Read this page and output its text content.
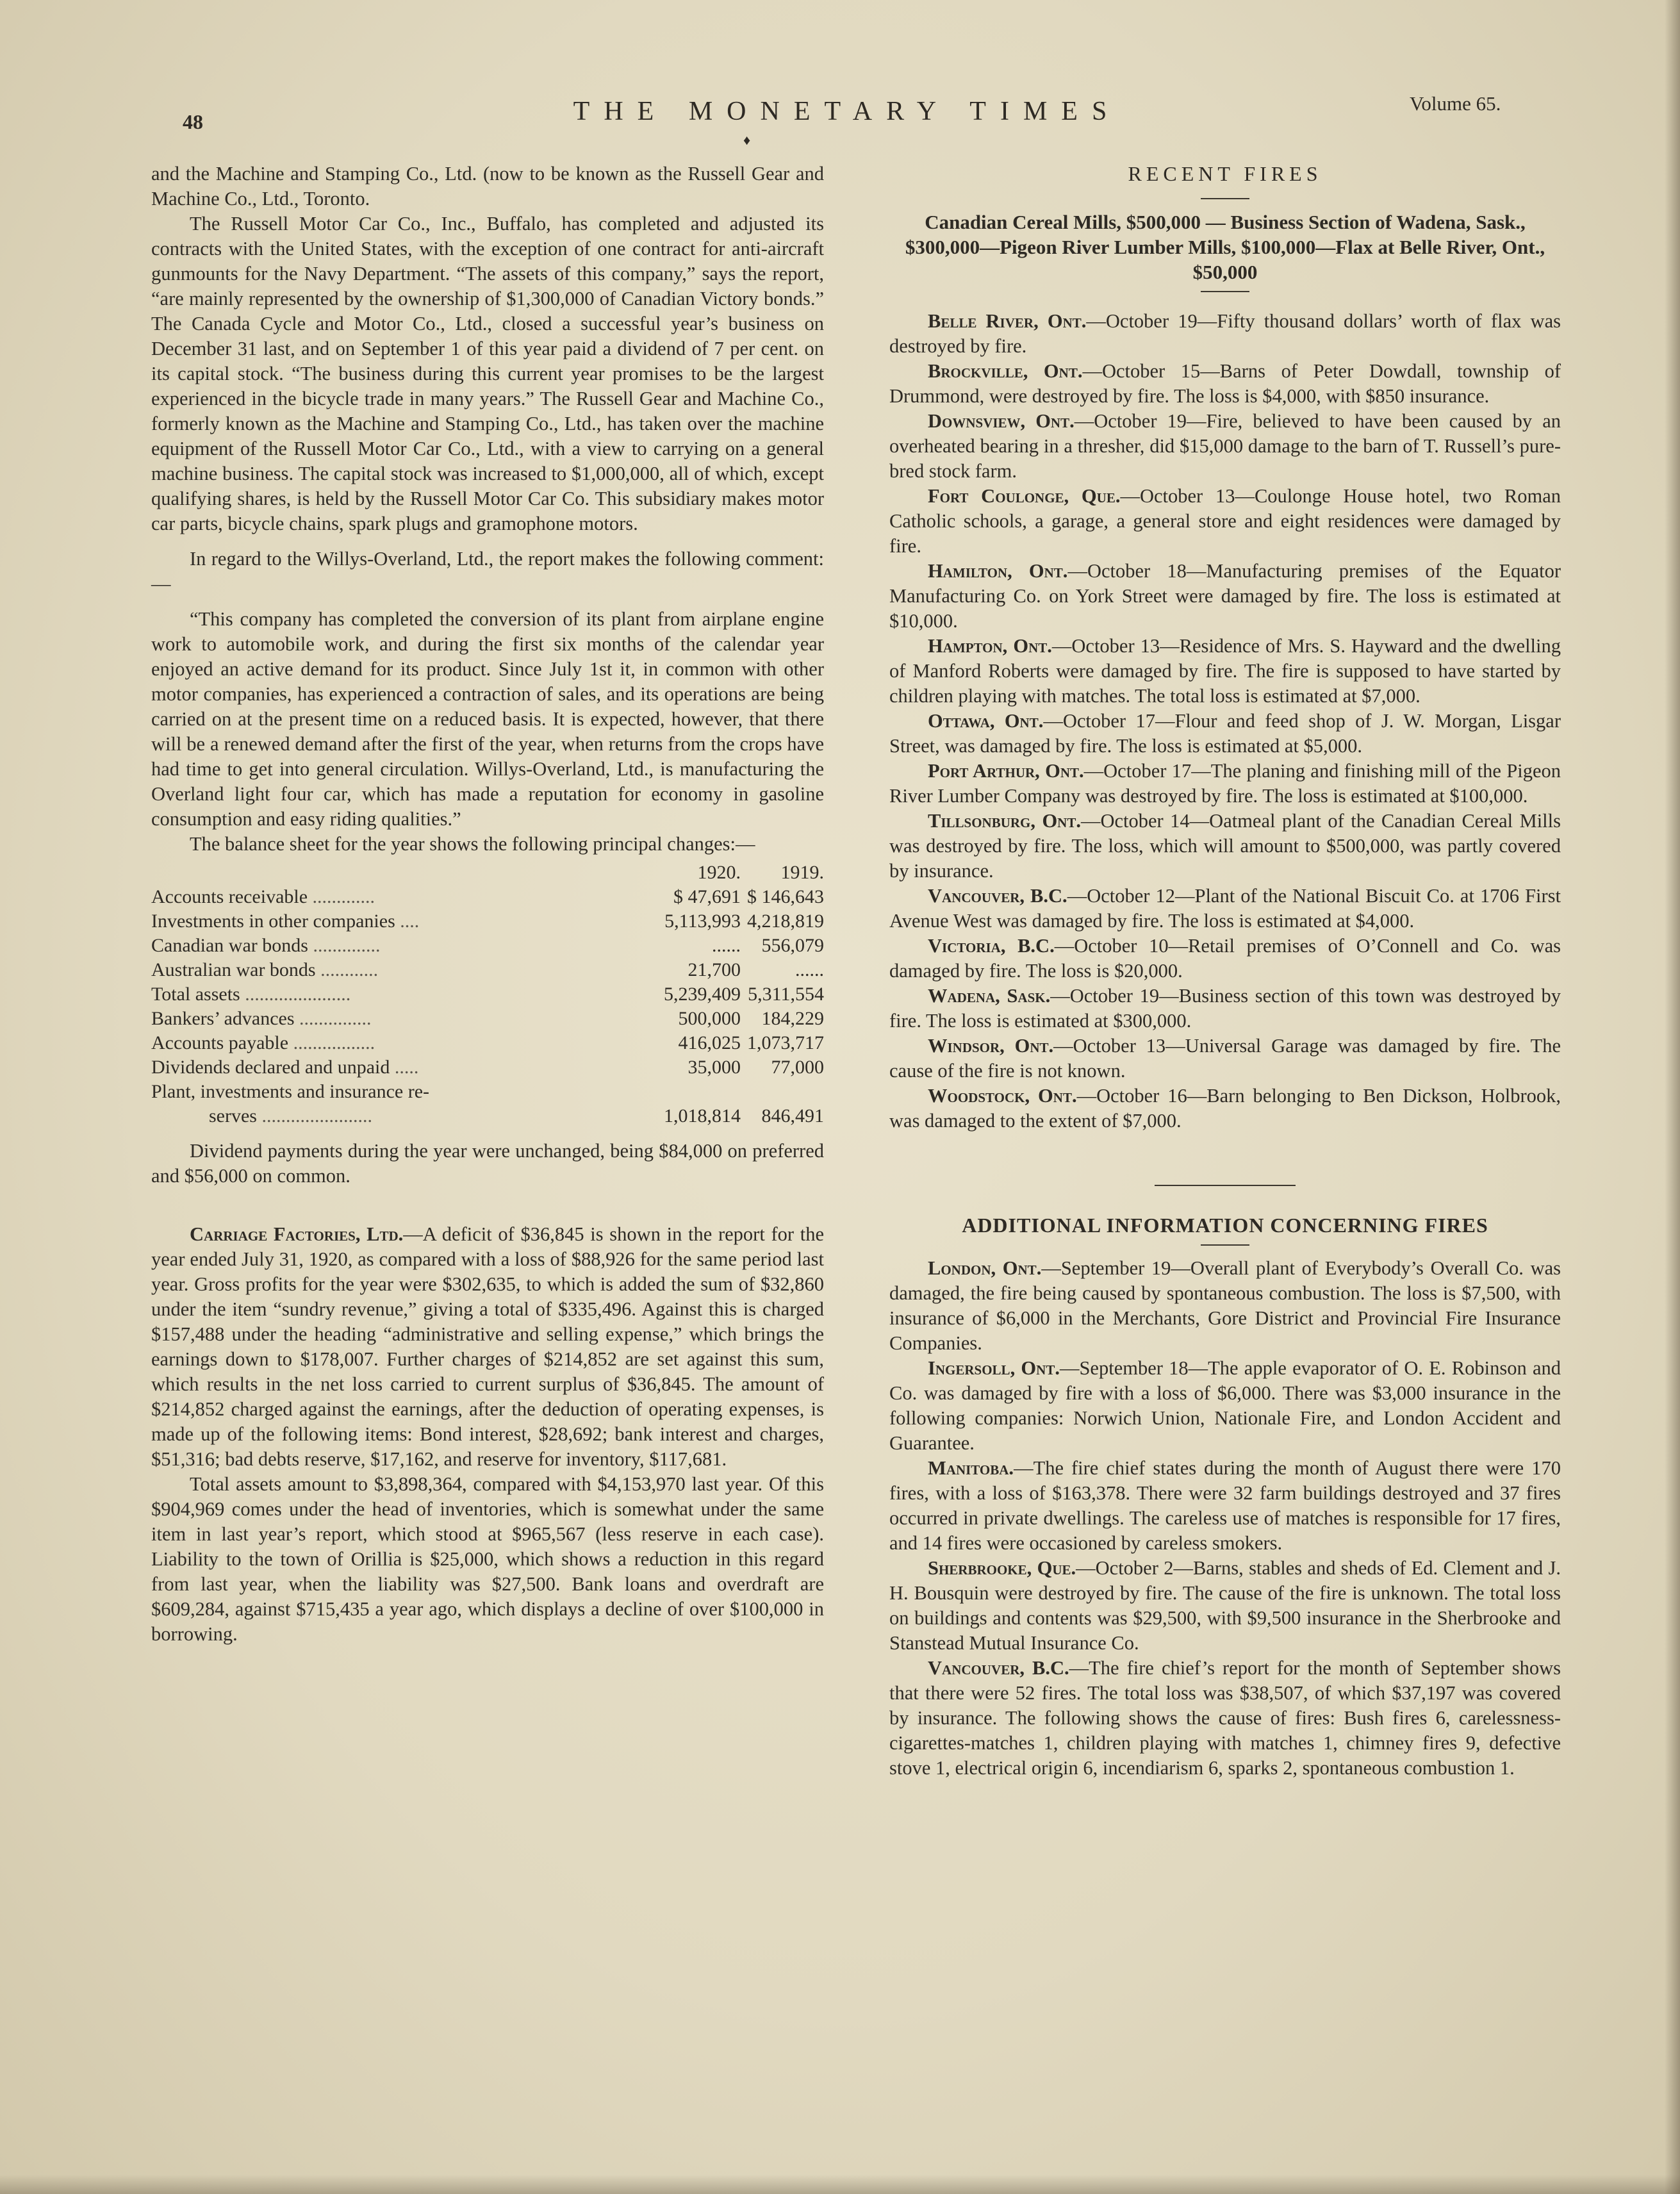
48	THE MONETARY TIMES	Volume 65.
♦

and the Machine and Stamping Co., Ltd. (now to be known as the Russell Gear and Machine Co., Ltd., Toronto.

The Russell Motor Car Co., Inc., Buffalo, has completed and adjusted its contracts with the United States, with the exception of one contract for anti-aircraft gunmounts for the Navy Department. “The assets of this company,” says the report, “are mainly represented by the ownership of $1,300,000 of Canadian Victory bonds.” The Canada Cycle and Motor Co., Ltd., closed a successful year’s business on December 31 last, and on September 1 of this year paid a dividend of 7 per cent. on its capital stock. “The business during this current year promises to be the largest experienced in the bicycle trade in many years.” The Russell Gear and Machine Co., formerly known as the Machine and Stamping Co., Ltd., has taken over the machine equipment of the Russell Motor Car Co., Ltd., with a view to carrying on a general machine business. The capital stock was increased to $1,000,000, all of which, except qualifying shares, is held by the Russell Motor Car Co. This subsidiary makes motor car parts, bicycle chains, spark plugs and gramophone motors.

In regard to the Willys-Overland, Ltd., the report makes the following comment:—

“This company has completed the conversion of its plant from airplane engine work to automobile work, and during the first six months of the calendar year enjoyed an active demand for its product. Since July 1st it, in common with other motor companies, has experienced a contraction of sales, and its operations are being carried on at the present time on a reduced basis. It is expected, however, that there will be a renewed demand after the first of the year, when returns from the crops have had time to get into general circulation. Willys-Overland, Ltd., is manufacturing the Overland light four car, which has made a reputation for economy in gasoline consumption and easy riding qualities.”

The balance sheet for the year shows the following principal changes:—

	1920.	1919.
Accounts receivable .............	$ 47,691	$ 146,643
Investments in other companies ....	5,113,993	4,218,819
Canadian war bonds ..............	......	556,079
Australian war bonds ............	21,700	......
Total assets ......................	5,239,409	5,311,554
Bankers’ advances ...............	500,000	184,229
Accounts payable .................	416,025	1,073,717
Dividends declared and unpaid .....	35,000	77,000
Plant, investments and insurance re-		
serves .......................	1,018,814	846,491

Dividend payments during the year were unchanged, being $84,000 on preferred and $56,000 on common.

Carriage Factories, Ltd.—A deficit of $36,845 is shown in the report for the year ended July 31, 1920, as compared with a loss of $88,926 for the same period last year. Gross profits for the year were $302,635, to which is added the sum of $32,860 under the item “sundry revenue,” giving a total of $335,496. Against this is charged $157,488 under the heading “administrative and selling expense,” which brings the earnings down to $178,007. Further charges of $214,852 are set against this sum, which results in the net loss carried to current surplus of $36,845. The amount of $214,852 charged against the earnings, after the deduction of operating expenses, is made up of the following items: Bond interest, $28,692; bank interest and charges, $51,316; bad debts reserve, $17,162, and reserve for inventory, $117,681.

Total assets amount to $3,898,364, compared with $4,153,970 last year. Of this $904,969 comes under the head of inventories, which is somewhat under the same item in last year’s report, which stood at $965,567 (less reserve in each case). Liability to the town of Orillia is $25,000, which shows a reduction in this regard from last year, when the liability was $27,500. Bank loans and overdraft are $609,284, against $715,435 a year ago, which displays a decline of over $100,000 in borrowing.

RECENT FIRES
Canadian Cereal Mills, $500,000 — Business Section of Wadena, Sask., $300,000—Pigeon River Lumber Mills, $100,000—Flax at Belle River, Ont., $50,000

Belle River, Ont.—October 19—Fifty thousand dollars’ worth of flax was destroyed by fire.

Brockville, Ont.—October 15—Barns of Peter Dowdall, township of Drummond, were destroyed by fire. The loss is $4,000, with $850 insurance.

Downsview, Ont.—October 19—Fire, believed to have been caused by an overheated bearing in a thresher, did $15,000 damage to the barn of T. Russell’s pure-bred stock farm.

Fort Coulonge, Que.—October 13—Coulonge House hotel, two Roman Catholic schools, a garage, a general store and eight residences were damaged by fire.

Hamilton, Ont.—October 18—Manufacturing premises of the Equator Manufacturing Co. on York Street were damaged by fire. The loss is estimated at $10,000.

Hampton, Ont.—October 13—Residence of Mrs. S. Hayward and the dwelling of Manford Roberts were damaged by fire. The fire is supposed to have started by children playing with matches. The total loss is estimated at $7,000.

Ottawa, Ont.—October 17—Flour and feed shop of J. W. Morgan, Lisgar Street, was damaged by fire. The loss is estimated at $5,000.

Port Arthur, Ont.—October 17—The planing and finishing mill of the Pigeon River Lumber Company was destroyed by fire. The loss is estimated at $100,000.

Tillsonburg, Ont.—October 14—Oatmeal plant of the Canadian Cereal Mills was destroyed by fire. The loss, which will amount to $500,000, was partly covered by insurance.

Vancouver, B.C.—October 12—Plant of the National Biscuit Co. at 1706 First Avenue West was damaged by fire. The loss is estimated at $4,000.

Victoria, B.C.—October 10—Retail premises of O’Connell and Co. was damaged by fire. The loss is $20,000.

Wadena, Sask.—October 19—Business section of this town was destroyed by fire. The loss is estimated at $300,000.

Windsor, Ont.—October 13—Universal Garage was damaged by fire. The cause of the fire is not known.

Woodstock, Ont.—October 16—Barn belonging to Ben Dickson, Holbrook, was damaged to the extent of $7,000.

ADDITIONAL INFORMATION CONCERNING FIRES

London, Ont.—September 19—Overall plant of Everybody’s Overall Co. was damaged, the fire being caused by spontaneous combustion. The loss is $7,500, with insurance of $6,000 in the Merchants, Gore District and Provincial Fire Insurance Companies.

Ingersoll, Ont.—September 18—The apple evaporator of O. E. Robinson and Co. was damaged by fire with a loss of $6,000. There was $3,000 insurance in the following companies: Norwich Union, Nationale Fire, and London Accident and Guarantee.

Manitoba.—The fire chief states during the month of August there were 170 fires, with a loss of $163,378. There were 32 farm buildings destroyed and 37 fires occurred in private dwellings. The careless use of matches is responsible for 17 fires, and 14 fires were occasioned by careless smokers.

Sherbrooke, Que.—October 2—Barns, stables and sheds of Ed. Clement and J. H. Bousquin were destroyed by fire. The cause of the fire is unknown. The total loss on buildings and contents was $29,500, with $9,500 insurance in the Sherbrooke and Stanstead Mutual Insurance Co.

Vancouver, B.C.—The fire chief’s report for the month of September shows that there were 52 fires. The total loss was $38,507, of which $37,197 was covered by insurance. The following shows the cause of fires: Bush fires 6, carelessness-cigarettes-matches 1, children playing with matches 1, chimney fires 9, defective stove 1, electrical origin 6, incendiarism 6, sparks 2, spontaneous combustion 1.
